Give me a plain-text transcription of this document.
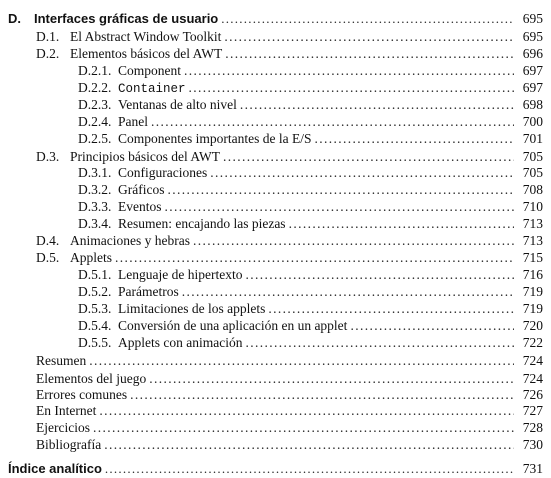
D.	Interfaces gráficas de usuario . . .	695
D.1. El Abstract Window Toolkit . . .	695
D.2. Elementos básicos del AWT . . .	696
D.2.1. Component . . .	697
D.2.2. Container . . .	697
D.2.3. Ventanas de alto nivel . . .	698
D.2.4. Panel . . .	700
D.2.5. Componentes importantes de la E/S . . .	701
D.3. Principios básicos del AWT . . .	705
D.3.1. Configuraciones . . .	705
D.3.2. Gráficos . . .	708
D.3.3. Eventos . . .	710
D.3.4. Resumen: encajando las piezas . . .	713
D.4. Animaciones y hebras . . .	713
D.5. Applets . . .	715
D.5.1. Lenguaje de hipertexto . . .	716
D.5.2. Parámetros . . .	719
D.5.3. Limitaciones de los applets . . .	719
D.5.4. Conversión de una aplicación en un applet . . .	720
D.5.5. Applets con animación . . .	722
Resumen . . .	724
Elementos del juego . . .	724
Errores comunes . . .	726
En Internet . . .	727
Ejercicios . . .	728
Bibliografía . . .	730
Índice analítico . . .	731
